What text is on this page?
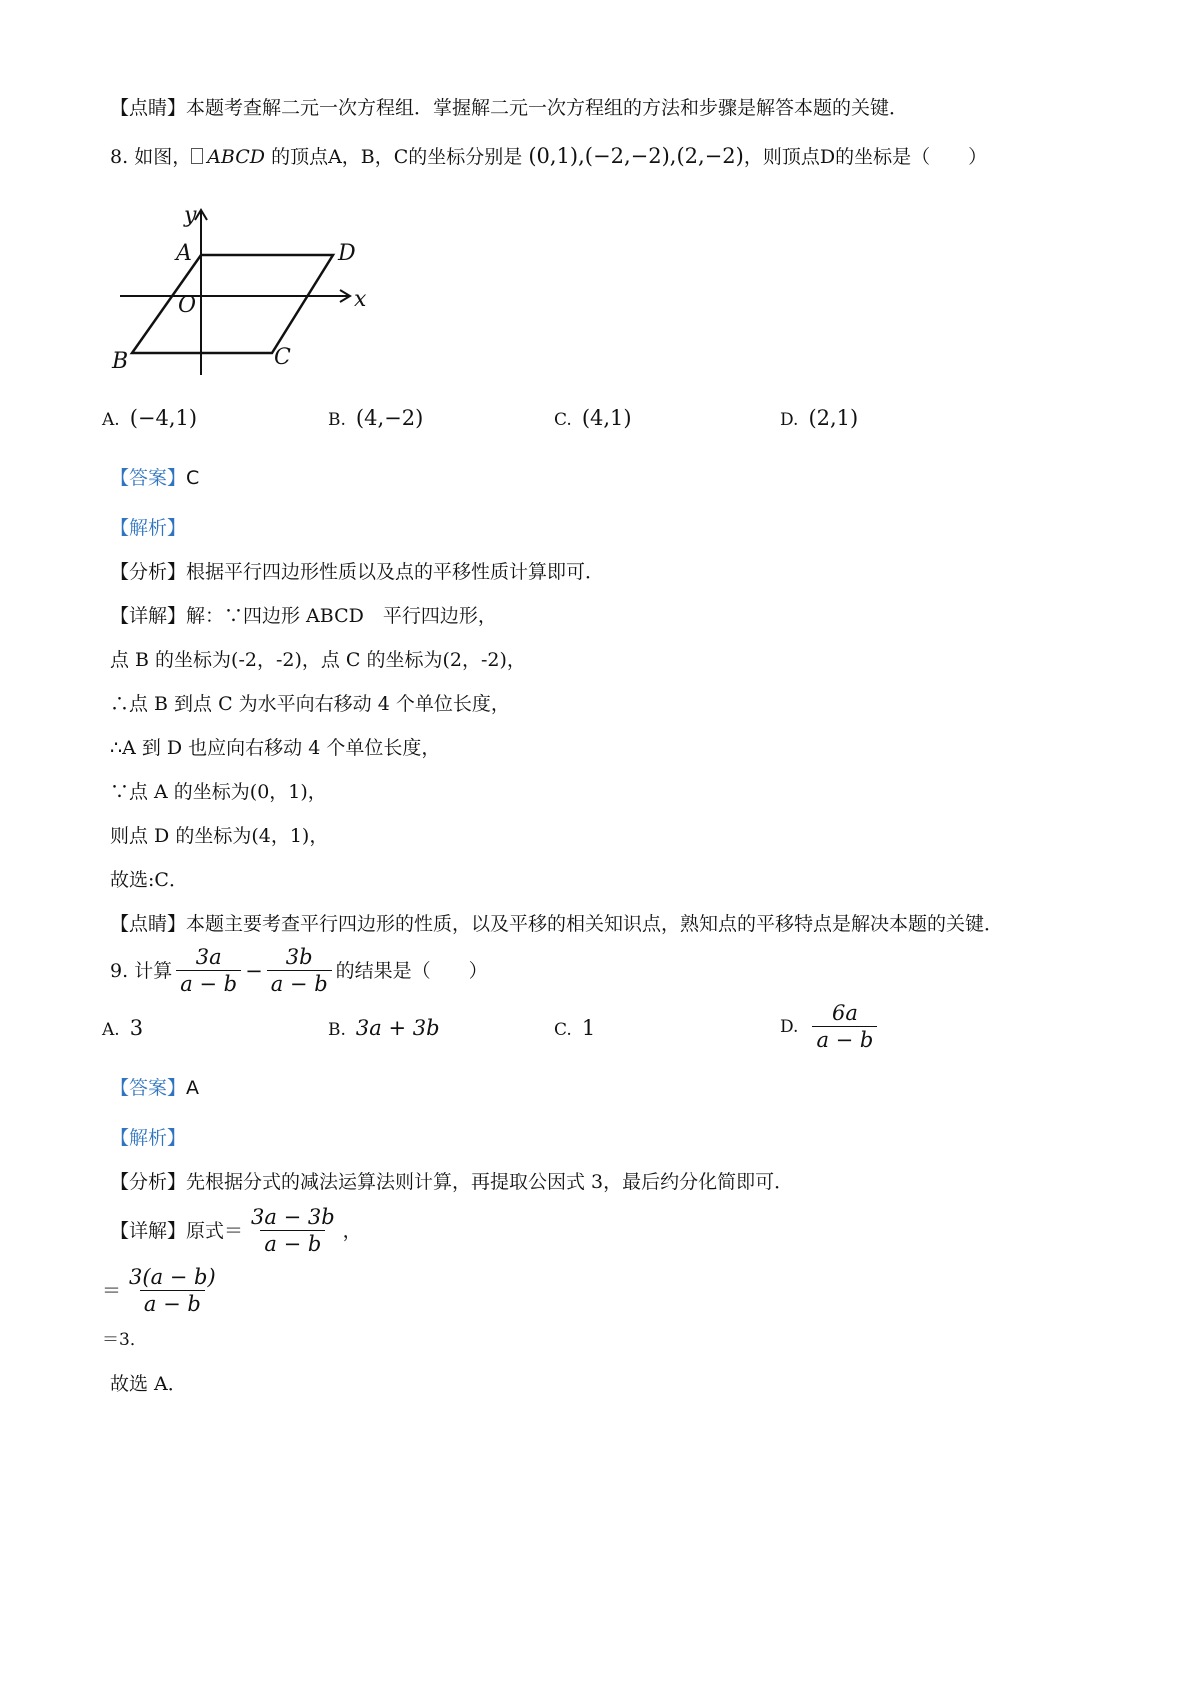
【点睛】本题考查解二元一次方程组．掌握解二元一次方程组的方法和步骤是解答本题的关键．
8. 如图， ABCD 的顶点A，B，C的坐标分别是 (0,1),(−2,−2),(2,−2)，则顶点D的坐标是（　　）
y
x
A	D
O
B	C
A. (−4,1)	B. (4,−2)	C. (4,1)	D. (2,1)
【答案】C
【解析】
【分析】根据平行四边形性质以及点的平移性质计算即可．
【详解】解：∵四边形 ABCD　平行四边形，
点 B 的坐标为(-2，-2)，点 C 的坐标为(2，-2)，
∴点 B 到点 C 为水平向右移动 4 个单位长度，
∴A 到 D 也应向右移动 4 个单位长度，
∵点 A 的坐标为(0，1)，
则点 D 的坐标为(4，1)，
故选:C．
【点睛】本题主要考查平行四边形的性质，以及平移的相关知识点，熟知点的平移特点是解决本题的关键．
9.
计算 $\frac{3a}{a - b} - \frac{3b}{a - b}$ 的结果是（　　）
A. 3	B. 3a + 3b	C. 1	D. $\frac{6a}{a - b}$
【答案】A
【解析】
【分析】先根据分式的减法运算法则计算，再提取公因式 3，最后约分化简即可．
【详解】原式＝ $\frac{3a - 3b}{a - b}$ ，
＝ $\frac{3(a - b)}{a - b}$
＝3．
故选 A．
